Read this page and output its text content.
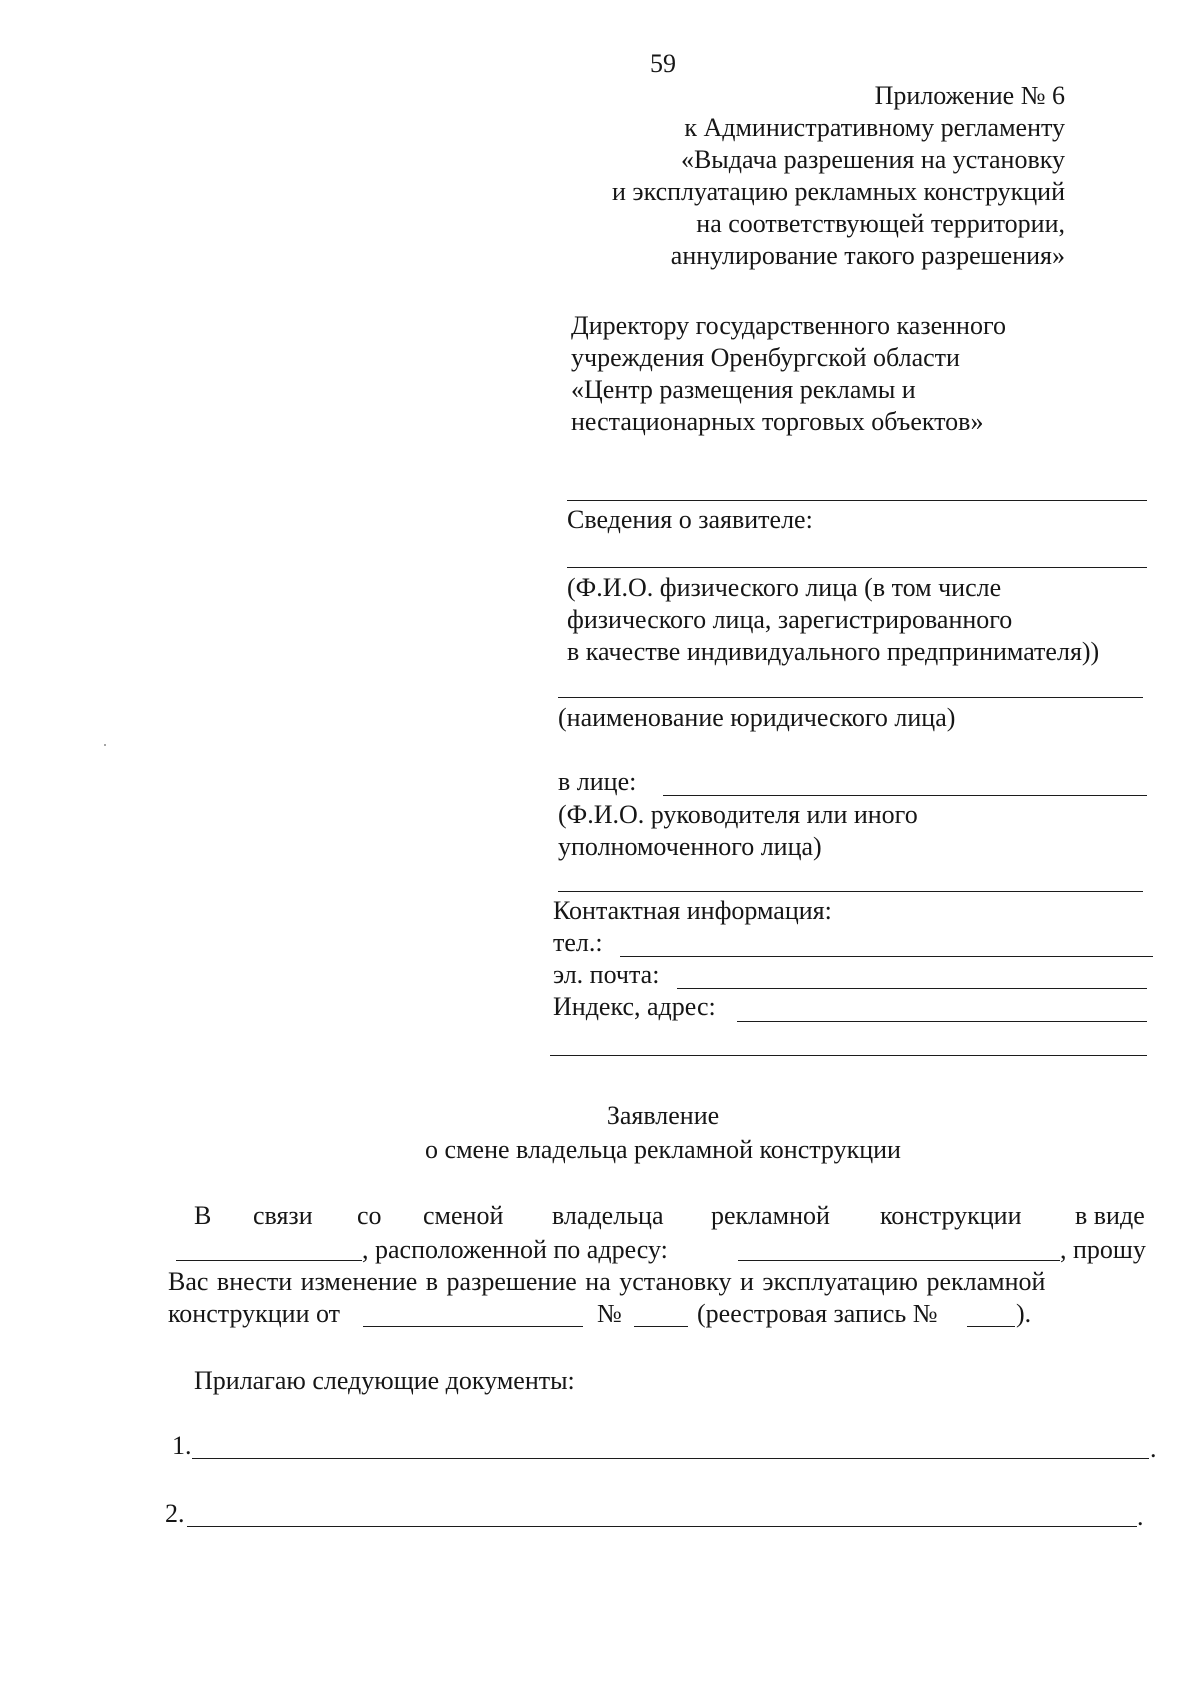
59
Приложение № 6
к Административному регламенту
«Выдача разрешения на установку
и эксплуатацию рекламных конструкций
на соответствующей территории,
аннулирование такого разрешения»
Директору государственного казенного
учреждения Оренбургской области
«Центр размещения рекламы и
нестационарных торговых объектов»
Сведения о заявителе:
(Ф.И.О. физического лица (в том числе
физического лица, зарегистрированного
в качестве индивидуального предпринимателя))
(наименование юридического лица)
в лице:
(Ф.И.О. руководителя или иного
уполномоченного лица)
Контактная информация:
тел.:
эл. почта:
Индекс, адрес:
Заявление
о смене владельца рекламной конструкции
В связи со сменой владельца рекламной конструкции в виде
, расположенной по адресу:	, прошу
Вас внести изменение в разрешение на установку и эксплуатацию рекламной
конструкции от	№	(реестровая запись №	).
Прилагаю следующие документы:
1.	.
2.	.
